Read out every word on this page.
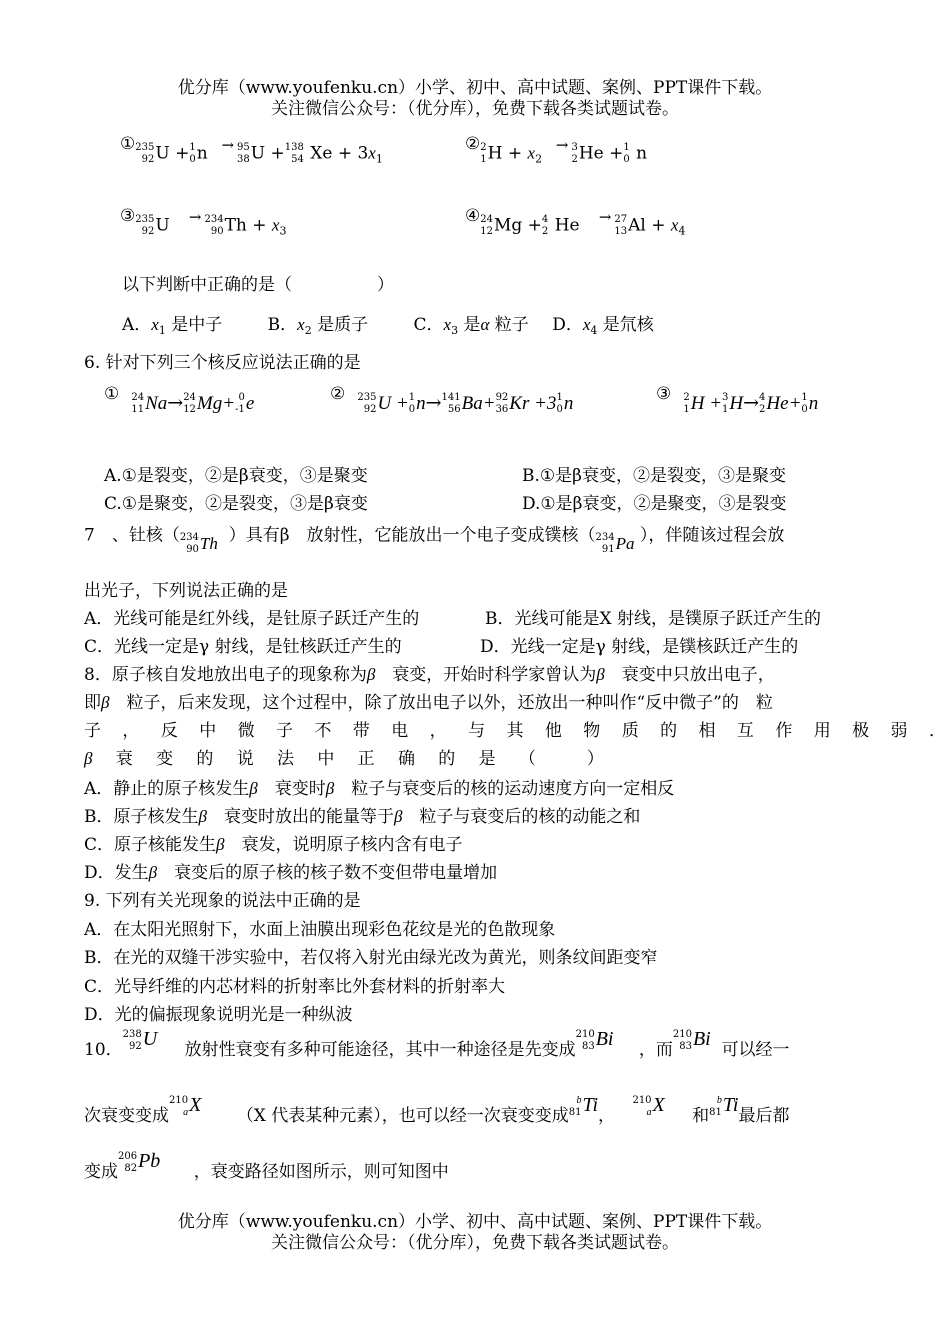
优分库（www.youfenku.cn）小学、初中、高中试题、案例、PPT课件下载。
关注微信公众号：（优分库），免费下载各类试题试卷。
① 235
92 U + 1
0 n → 95
38 U + 138
54 $Xe + 3x_1$
② 2
1 $H + x_2 \to 3$
2 He + 1
0 n
③ 235
92 U → 234
90 $Th + x_3$
④ 24
12 Mg + 4
2 He → 27
13 $Al + x_4$
以下判断中正确的是（　　　　　）
A．$x_1$ 是中子	B．$x_2$ 是质子	C．$x_3$ 是α 粒子 D．$x_4$ 是氘核
6. 针对下列三个核反应说法正确的是
① 24
11 Na→ 24
12 Mg+ 0
-1 e	② 235
92 U + 1
0 n→ 141
56 Ba+ 92
36 Kr +3 1
0 n	③ 2
1 H + 3
1 H→ 4
2 He+ 1
0 n
A.①是裂变，②是β衰变，③是聚变	B.①是β衰变，②是裂变，③是聚变
C.①是聚变，②是裂变，③是β衰变	D.①是β衰变，②是聚变，③是裂变
7　、钍核（ 234
90 Th ）具有β　放射性，它能放出一个电子变成镤核（ 234
91 Pa ），伴随该过程会放
出光子，下列说法正确的是
A．光线可能是红外线，是钍原子跃迁产生的	B．光线可能是X 射线，是镤原子跃迁产生的
C．光线一定是γ 射线，是钍核跃迁产生的	D．光线一定是γ 射线，是镤核跃迁产生的
8．原子核自发地放出电子的现象称为β　衰变，开始时科学家曾认为β　衰变中只放出电子，
即β　粒子，后来发现，这个过程中，除了放出电子以外，还放出一种叫作“反中微子”的　粒
子 ， 反 中 微 子 不 带 电 ， 与 其 他 物 质 的 相 互 作 用 极 弱 ．
β 衰 变 的 说 法 中 正 确 的 是 （　　　）
A．静止的原子核发生β　衰变时β　粒子与衰变后的核的运动速度方向一定相反
B．原子核发生β　衰变时放出的能量等于β　粒子与衰变后的核的动能之和
C．原子核能发生β　衰发，说明原子核内含有电子
D．发生β　衰变后的原子核的核子数不变但带电量增加
9. 下列有关光现象的说法中正确的是
A．在太阳光照射下，水面上油膜出现彩色花纹是光的色散现象
B．在光的双缝干涉实验中，若仅将入射光由绿光改为黄光，则条纹间距变窄
C．光导纤维的内芯材料的折射率比外套材料的折射率大
D．光的偏振现象说明光是一种纵波
10．
238
92 U 放射性衰变有多种可能途径，其中一种途径是先变成
210
83 Bi ，而
210
83 Bi 可以经一
次衰变变成
210
a X （X 代表某种元素），也可以经一次衰变变成
b
81 Ti，
210
a X 和
b
81 Ti最后都
变成
206
82 Pb ，衰变路径如图所示，则可知图中
优分库（www.youfenku.cn）小学、初中、高中试题、案例、PPT课件下载。
关注微信公众号：（优分库），免费下载各类试题试卷。
